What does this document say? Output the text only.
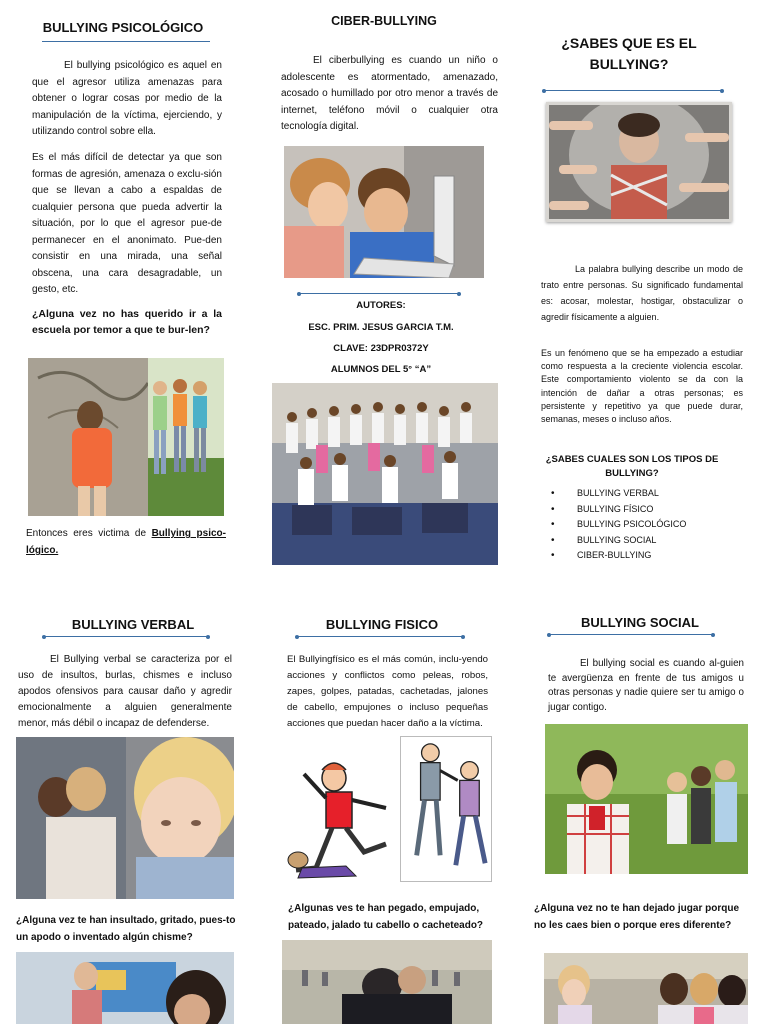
BULLYING PSICOLÓGICO
El bullying psicológico es aquel en que el agresor utiliza amenazas para obtener o lograr cosas por medio de la manipulación de la víctima, ejerciendo, y utilizando control sobre ella.
Es el más difícil de detectar ya que son formas de agresión, amenaza o exclu-sión que se llevan a cabo a espaldas de cualquier persona que pueda advertir la situación, por lo que el agresor pue-de permanecer en el anonimato. Pue-den consistir en una mirada, una señal obscena, una cara desagradable, un gesto, etc.
¿Alguna vez no has querido ir a la escuela por temor a que te bur-len?
Entonces eres victima de Bullying psico-lógico.
CIBER-BULLYING
El ciberbullying es cuando un niño o adolescente es atormentado, amenazado, acosado o humillado por otro menor a través de internet, teléfono móvil o cualquier otra tecnología digital.
AUTORES:
ESC. PRIM. JESUS GARCIA T.M.
CLAVE: 23DPR0372Y
ALUMNOS DEL 5° “A”
¿SABES QUE ES EL BULLYING?
La palabra bullying describe un modo de trato entre personas. Su significado fundamental es: acosar, molestar, hostigar, obstaculizar o agredir físicamente a alguien.
Es un fenómeno que se ha empezado a estudiar como respuesta a la creciente violencia escolar. Este comportamiento violento se da con la intención de dañar a otras personas; es persistente y repetitivo ya que puede durar, semanas, meses o incluso años.
¿SABES CUALES SON LOS TIPOS DE BULLYING?
• BULLYING VERBAL
• BULLYING FÍSICO
• BULLYING PSICOLÓGICO
• BULLYING SOCIAL
• CIBER-BULLYING
BULLYING VERBAL
El Bullying verbal se caracteriza por el uso de insultos, burlas, chismes e incluso apodos ofensivos para causar daño y agredir emocionalmente a alguien generalmente menor, más débil o incapaz de defenderse.
¿Alguna vez te han insultado, gritado, pues-to un apodo o inventado algún chisme?
BULLYING FISICO
El Bullyingfísico es el más común, inclu-yendo acciones y conflictos como peleas, robos, zapes, golpes, patadas, cachetadas, jalones de cabello, empujones o incluso pequeñas acciones que puedan hacer daño a la víctima.
¿Algunas ves te han pegado, empujado, pateado, jalado tu cabello o cacheteado?
BULLYING SOCIAL
El bullying social es cuando al-guien te avergüenza en frente de tus amigos u otras personas y nadie quiere ser tu amigo o jugar contigo.
¿Alguna vez no te han dejado jugar porque no les caes bien o porque eres diferente?
